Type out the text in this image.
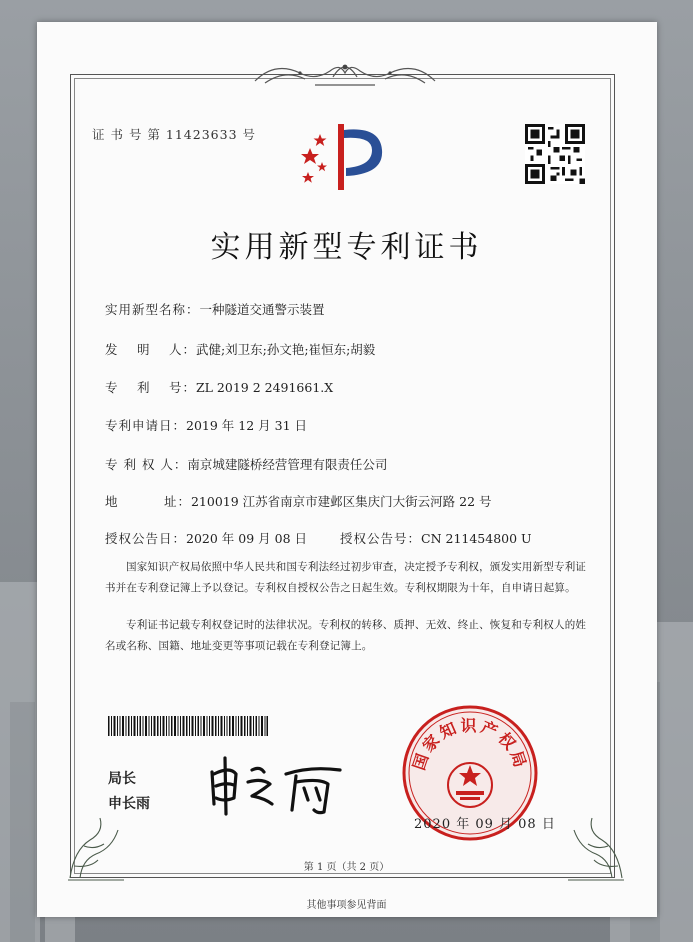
证 书 号 第 11423633 号
实用新型专利证书
实用新型名称：一种隧道交通警示装置
发　 明　 人：武健;刘卫东;孙文艳;崔恒东;胡毅
专　 利　 号：ZL 2019 2 2491661.X
专利申请日：2019 年 12 月 31 日
专 利 权 人：南京城建隧桥经营管理有限责任公司
地　　　 址：210019 江苏省南京市建邺区集庆门大街云河路 22 号
授权公告日：2020 年 09 月 08 日	授权公告号：CN 211454800 U
国家知识产权局依照中华人民共和国专利法经过初步审查，决定授予专利权，颁发实用新型专利证书并在专利登记簿上予以登记。专利权自授权公告之日起生效。专利权期限为十年，自申请日起算。
专利证书记载专利权登记时的法律状况。专利权的转移、质押、无效、终止、恢复和专利权人的姓名或名称、国籍、地址变更等事项记载在专利登记簿上。
局长
申长雨
国家知识产权局
2020 年 09 月 08 日
第 1 页（共 2 页）
其他事项参见背面
